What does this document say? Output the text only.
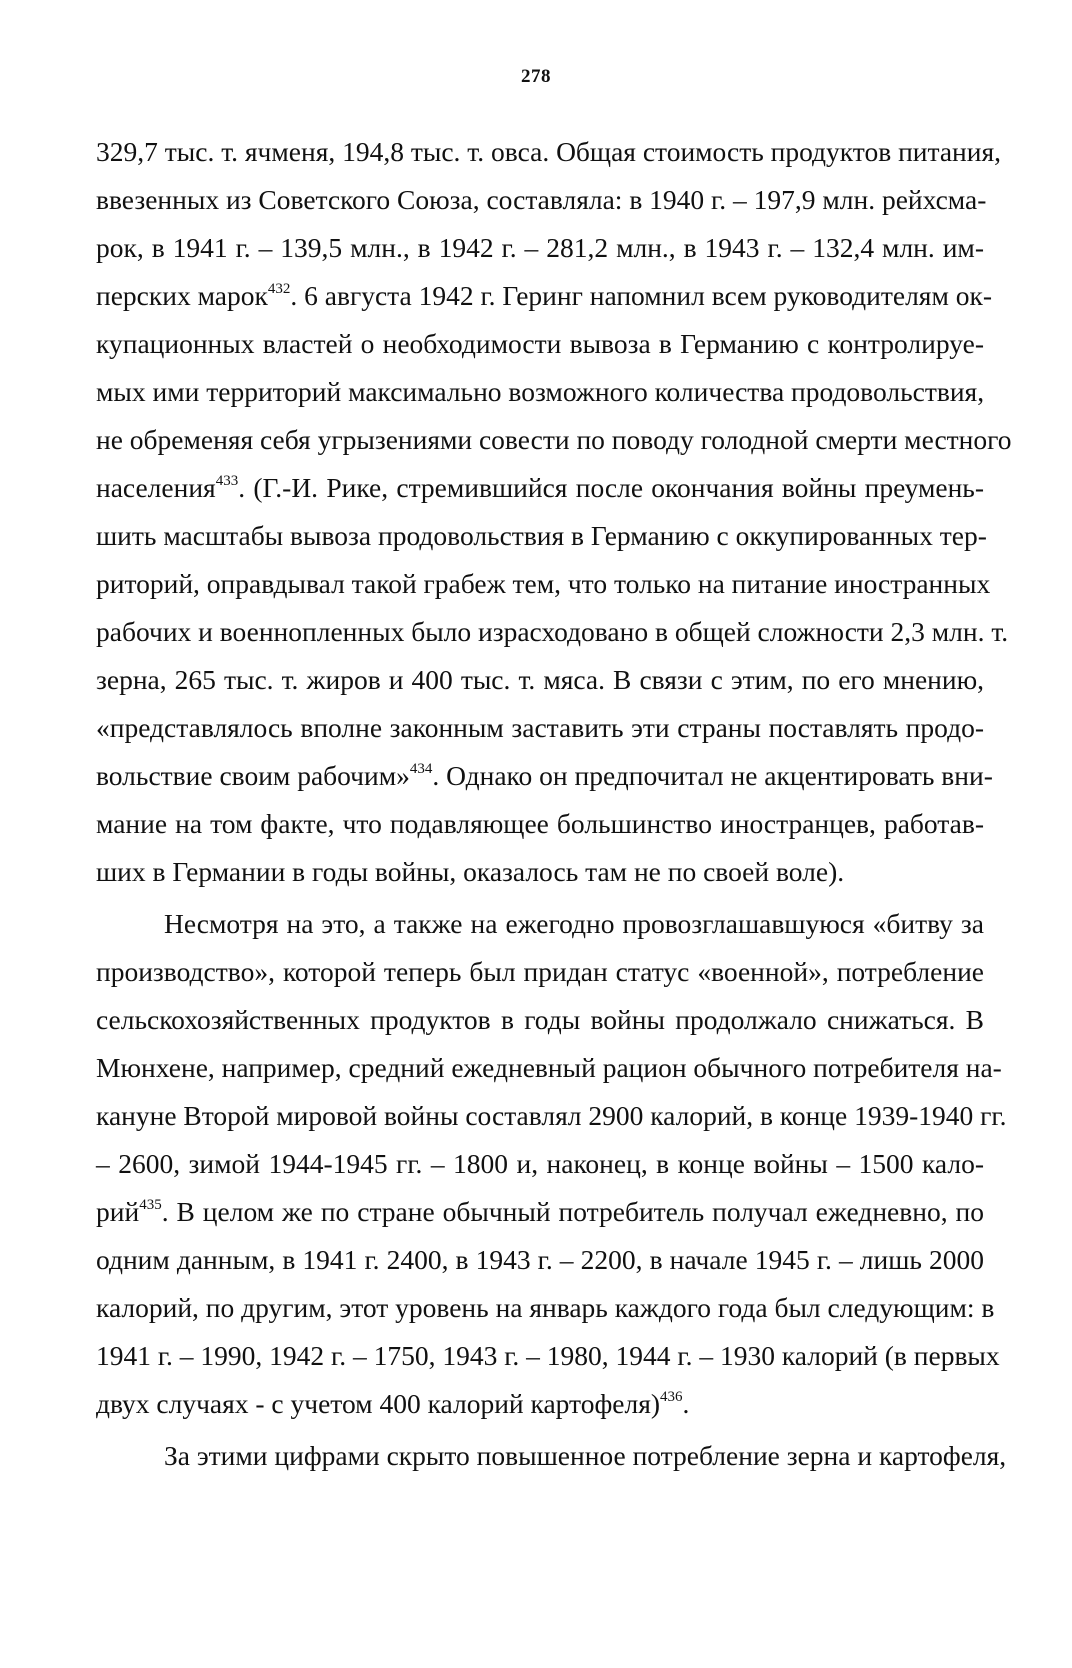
278
329,7 тыс. т. ячменя, 194,8 тыс. т. овса. Общая стоимость продуктов питания,
ввезенных из Советского Союза, составляла: в 1940 г. – 197,9 млн. рейхсма-
рок, в 1941 г. – 139,5 млн., в 1942 г. – 281,2 млн., в 1943 г. – 132,4 млн. им-
перских марок$^{432}$. 6 августа 1942 г. Геринг напомнил всем руководителям ок-
купационных властей о необходимости вывоза в Германию с контролируе-
мых ими территорий максимально возможного количества продовольствия,
не обременяя себя угрызениями совести по поводу голодной смерти местного
населения$^{433}$. (Г.-И. Рике, стремившийся после окончания войны преумень-
шить масштабы вывоза продовольствия в Германию с оккупированных тер-
риторий, оправдывал такой грабеж тем, что только на питание иностранных
рабочих и военнопленных было израсходовано в общей сложности 2,3 млн. т.
зерна, 265 тыс. т. жиров и 400 тыс. т. мяса. В связи с этим, по его мнению,
«представлялось вполне законным заставить эти страны поставлять продо-
вольствие своим рабочим»$^{434}$. Однако он предпочитал не акцентировать вни-
мание на том факте, что подавляющее большинство иностранцев, работав-
ших в Германии в годы войны, оказалось там не по своей воле).
Несмотря на это, а также на ежегодно провозглашавшуюся «битву за
производство», которой теперь был придан статус «военной», потребление
сельскохозяйственных продуктов в годы войны продолжало снижаться. В
Мюнхене, например, средний ежедневный рацион обычного потребителя на-
кануне Второй мировой войны составлял 2900 калорий, в конце 1939-1940 гг.
– 2600, зимой 1944-1945 гг. – 1800 и, наконец, в конце войны – 1500 кало-
рий$^{435}$. В целом же по стране обычный потребитель получал ежедневно, по
одним данным, в 1941 г. 2400, в 1943 г. – 2200, в начале 1945 г. – лишь 2000
калорий, по другим, этот уровень на январь каждого года был следующим: в
1941 г. – 1990, 1942 г. – 1750, 1943 г. – 1980, 1944 г. – 1930 калорий (в первых
двух случаях - с учетом 400 калорий картофеля)$^{436}$.
За этими цифрами скрыто повышенное потребление зерна и картофеля,
